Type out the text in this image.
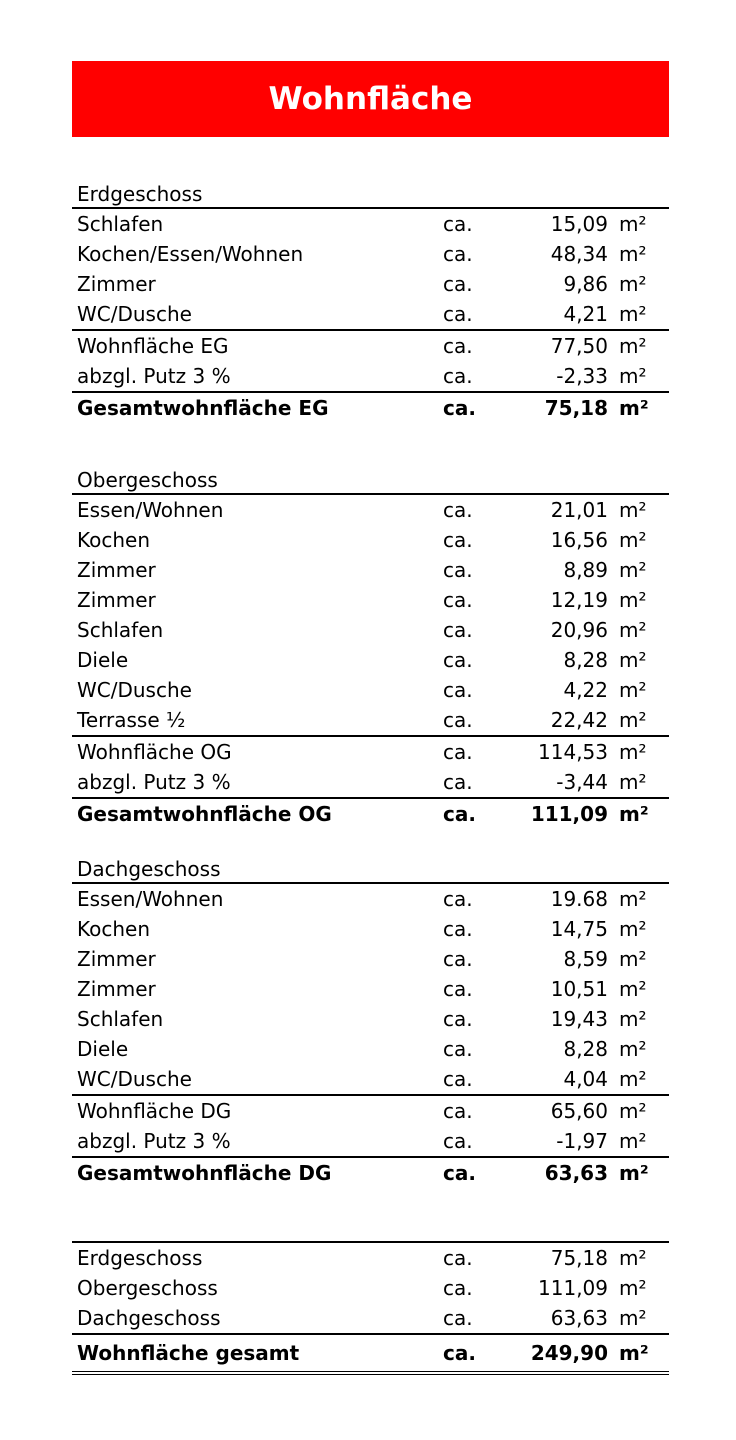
Wohnfläche
Erdgeschoss
Schlafen	ca.	15,09 m²
Kochen/Essen/Wohnen	ca.	48,34 m²
Zimmer	ca.	9,86 m²
WC/Dusche	ca.	4,21 m²
Wohnfläche EG	ca.	77,50 m²
abzgl. Putz 3 %	ca.	-2,33 m²
Gesamtwohnfläche EG	ca.	75,18 m²
Obergeschoss
Essen/Wohnen	ca.	21,01 m²
Kochen	ca.	16,56 m²
Zimmer	ca.	8,89 m²
Zimmer	ca.	12,19 m²
Schlafen	ca.	20,96 m²
Diele	ca.	8,28 m²
WC/Dusche	ca.	4,22 m²
Terrasse ½	ca.	22,42 m²
Wohnfläche OG	ca.	114,53 m²
abzgl. Putz 3 %	ca.	-3,44 m²
Gesamtwohnfläche OG	ca.	111,09 m²
Dachgeschoss
Essen/Wohnen	ca.	19.68 m²
Kochen	ca.	14,75 m²
Zimmer	ca.	8,59 m²
Zimmer	ca.	10,51 m²
Schlafen	ca.	19,43 m²
Diele	ca.	8,28 m²
WC/Dusche	ca.	4,04 m²
Wohnfläche DG	ca.	65,60 m²
abzgl. Putz 3 %	ca.	-1,97 m²
Gesamtwohnfläche DG	ca.	63,63 m²
Erdgeschoss	ca.	75,18 m²
Obergeschoss	ca.	111,09 m²
Dachgeschoss	ca.	63,63 m²
Wohnfläche gesamt	ca.	249,90 m²
